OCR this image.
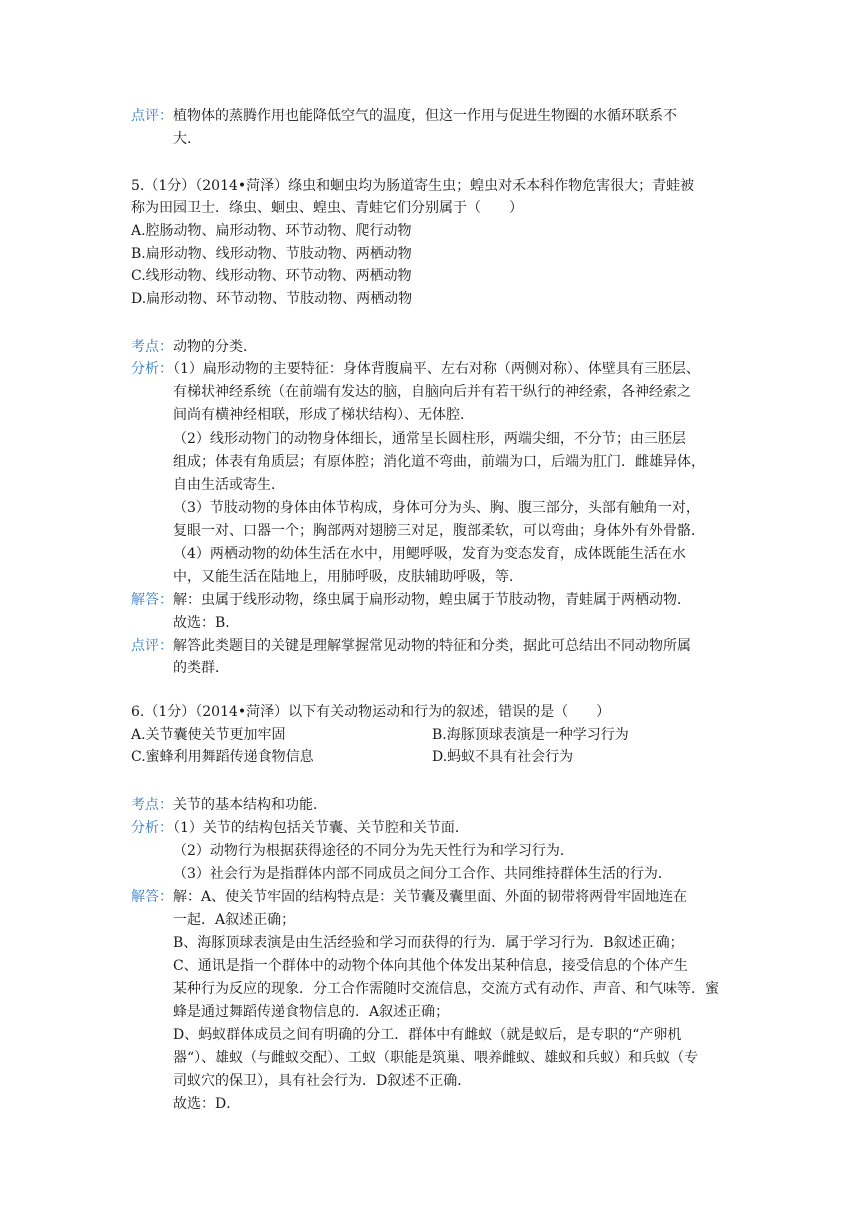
点评：植物体的蒸腾作用也能降低空气的温度，但这一作用与促进生物圈的水循环联系不
大.
5.（1分）（2014•菏泽）绦虫和蛔虫均为肠道寄生虫；蝗虫对禾本科作物危害很大；青蛙被
称为田园卫士．绦虫、蛔虫、蝗虫、青蛙它们分别属于（　　）
A.腔肠动物、扁形动物、环节动物、爬行动物
B.扁形动物、线形动物、节肢动物、两栖动物
C.线形动物、线形动物、环节动物、两栖动物
D.扁形动物、环节动物、节肢动物、两栖动物
考点：动物的分类．
分析：（1）扁形动物的主要特征：身体背腹扁平、左右对称（两侧对称）、体壁具有三胚层、
有梯状神经系统（在前端有发达的脑，自脑向后并有若干纵行的神经索，各神经索之
间尚有横神经相联，形成了梯状结构）、无体腔．
（2）线形动物门的动物身体细长，通常呈长圆柱形，两端尖细，不分节；由三胚层
组成；体表有角质层；有原体腔；消化道不弯曲，前端为口，后端为肛门．雌雄异体，
自由生活或寄生．
（3）节肢动物的身体由体节构成，身体可分为头、胸、腹三部分，头部有触角一对，
复眼一对、口器一个；胸部两对翅膀三对足，腹部柔软，可以弯曲；身体外有外骨骼．
（4）两栖动物的幼体生活在水中，用鳃呼吸，发育为变态发育，成体既能生活在水
中，又能生活在陆地上，用肺呼吸，皮肤辅助呼吸，等．
解答：解：虫属于线形动物，绦虫属于扁形动物，蝗虫属于节肢动物，青蛙属于两栖动物．
故选：B．
点评：解答此类题目的关键是理解掌握常见动物的特征和分类，据此可总结出不同动物所属
的类群．
6.（1分）（2014•菏泽）以下有关动物运动和行为的叙述，错误的是（　　）
A.关节囊使关节更加牢固	B.海豚顶球表演是一种学习行为
C.蜜蜂利用舞蹈传递食物信息	D.蚂蚁不具有社会行为
考点：关节的基本结构和功能．
分析：（1）关节的结构包括关节囊、关节腔和关节面．
（2）动物行为根据获得途径的不同分为先天性行为和学习行为．
（3）社会行为是指群体内部不同成员之间分工合作、共同维持群体生活的行为．
解答：解：A、使关节牢固的结构特点是：关节囊及囊里面、外面的韧带将两骨牢固地连在
一起．A叙述正确；
B、海豚顶球表演是由生活经验和学习而获得的行为．属于学习行为．B叙述正确；
C、通讯是指一个群体中的动物个体向其他个体发出某种信息，接受信息的个体产生
某种行为反应的现象．分工合作需随时交流信息，交流方式有动作、声音、和气味等．蜜
蜂是通过舞蹈传递食物信息的．A叙述正确；
D、蚂蚁群体成员之间有明确的分工．群体中有雌蚁（就是蚁后，是专职的“产卵机
器“）、雄蚁（与雌蚁交配）、工蚁（职能是筑巢、喂养雌蚁、雄蚁和兵蚁）和兵蚁（专
司蚁穴的保卫），具有社会行为．D叙述不正确．
故选：D．
